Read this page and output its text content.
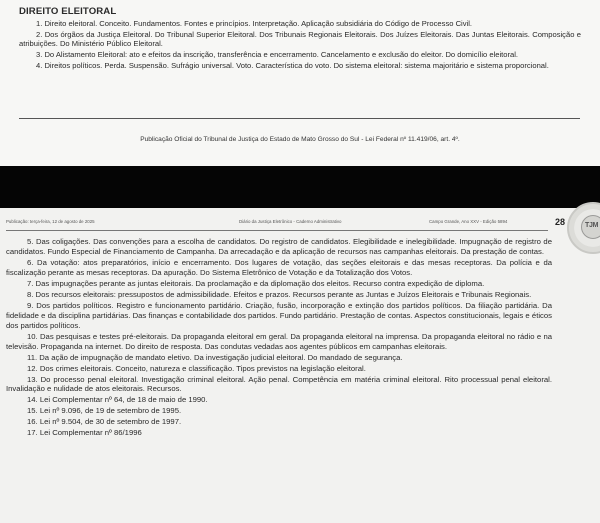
DIREITO ELEITORAL

1. Direito eleitoral. Conceito. Fundamentos. Fontes e princípios. Interpretação. Aplicação subsidiária do Código de Processo Civil.

2. Dos órgãos da Justiça Eleitoral. Do Tribunal Superior Eleitoral. Dos Tribunais Regionais Eleitorais. Dos Juízes Eleitorais. Das Juntas Eleitorais. Composição e atribuições. Do Ministério Público Eleitoral.

3. Do Alistamento Eleitoral: ato e efeitos da inscrição, transferência e encerramento. Cancelamento e exclusão do eleitor. Do domicílio eleitoral.

4. Direitos políticos. Perda. Suspensão. Sufrágio universal. Voto. Característica do voto. Do sistema eleitoral: sistema majoritário e sistema proporcional.

Publicação Oficial do Tribunal de Justiça do Estado de Mato Grosso do Sul - Lei Federal nº 11.419/06, art. 4º.
Publicação: terça-feira, 12 de agosto de 2025	Diário da Justiça Eletrônico - Caderno Administrativo	Campo Grande, Ano XXV - Edição 5894	28	TJM

5. Das coligações. Das convenções para a escolha de candidatos. Do registro de candidatos. Elegibilidade e inelegibilidade. Impugnação de registro de candidatos. Fundo Especial de Financiamento de Campanha. Da arrecadação e da aplicação de recursos nas campanhas eleitorais. Da prestação de contas.

6. Da votação: atos preparatórios, início e encerramento. Dos lugares de votação, das seções eleitorais e das mesas receptoras. Da polícia e da fiscalização perante as mesas receptoras. Da apuração. Do Sistema Eletrônico de Votação e da Totalização dos Votos.

7. Das impugnações perante as juntas eleitorais. Da proclamação e da diplomação dos eleitos. Recurso contra expedição de diploma.

8. Dos recursos eleitorais: pressupostos de admissibilidade. Efeitos e prazos. Recursos perante as Juntas e Juízos Eleitorais e Tribunais Regionais.

9. Dos partidos políticos. Registro e funcionamento partidário. Criação, fusão, incorporação e extinção dos partidos políticos. Da filiação partidária. Da fidelidade e da disciplina partidárias. Das finanças e contabilidade dos partidos. Fundo partidário. Prestação de contas. Aspectos constitucionais, legais e éticos dos partidos políticos.

10. Das pesquisas e testes pré-eleitorais. Da propaganda eleitoral em geral. Da propaganda eleitoral na imprensa. Da propaganda eleitoral no rádio e na televisão. Propaganda na internet. Do direito de resposta. Das condutas vedadas aos agentes públicos em campanhas eleitorais.

11. Da ação de impugnação de mandato eletivo. Da investigação judicial eleitoral. Do mandado de segurança.

12. Dos crimes eleitorais. Conceito, natureza e classificação. Tipos previstos na legislação eleitoral.

13. Do processo penal eleitoral. Investigação criminal eleitoral. Ação penal. Competência em matéria criminal eleitoral. Rito processual penal eleitoral. Invalidação e nulidade de atos eleitorais. Recursos.

14. Lei Complementar nº 64, de 18 de maio de 1990.

15. Lei nº 9.096, de 19 de setembro de 1995.

16. Lei nº 9.504, de 30 de setembro de 1997.

17. Lei Complementar nº 86/1996
